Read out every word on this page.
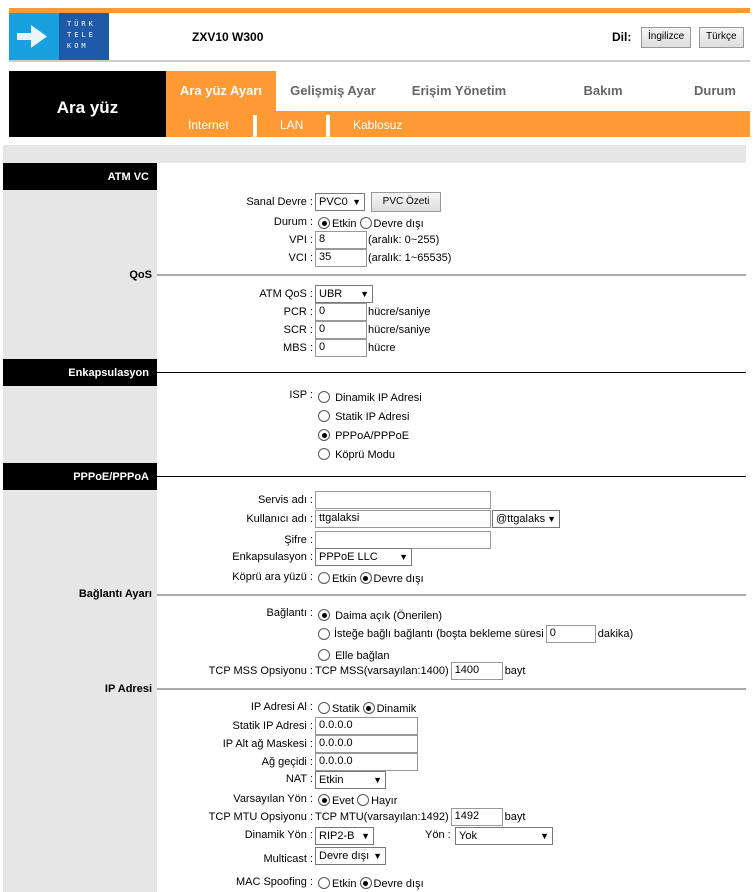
TÜRK
TELE
KOM
ZXV10 W300	Dil:	İngilizce	Türkçe
Ara yüz
Ara yüz Ayarı	Gelişmiş Ayar	Erişim Yönetim	Bakım	Durum
İnternet	LAN	Kablosuz
ATM VC
Enkapsulasyon
PPPoE/PPPoA
QoS
Bağlantı Ayarı
IP Adresi
Sanal Devre : PVC0 ▼	PVC Özeti
Durum :	Etkin Devre dışı
VPI : 8	(aralık: 0~255)
VCI : 35	(aralık: 1~65535)
ATM QoS : UBR ▼
PCR : 0	hücre/saniye
SCR : 0	hücre/saniye
MBS : 0	hücre
ISP :	Dinamik IP Adresi
Statik IP Adresi
PPPoA/PPPoE
Köprü Modu
Servis adı :
Kullanıcı adı : ttgalaksi	@ttgalaks ▼
Şifre :
Enkapsulasyon : PPPoE LLC ▼
Köprü ara yüzü :	Etkin Devre dışı
Bağlantı :	Daima açık (Önerilen)
İsteğe bağlı bağlantı (boşta bekleme süresi 0	dakika)
Elle bağlan
TCP MSS Opsiyonu : TCP MSS(varsayılan:1400) 1400	bayt
IP Adresi Al :	Statik Dinamik
Statik IP Adresi : 0.0.0.0
IP Alt ağ Maskesi : 0.0.0.0
Ağ geçidi : 0.0.0.0
NAT : Etkin	▼
Varsayılan Yön :	Evet Hayır
TCP MTU Opsiyonu : TCP MTU(varsayılan:1492) 1492	bayt
Dinamik Yön : RIP2-B ▼	Yön : Yok	▼
Multicast : Devre dışı ▼
MAC Spoofing :	Etkin Devre dışı
